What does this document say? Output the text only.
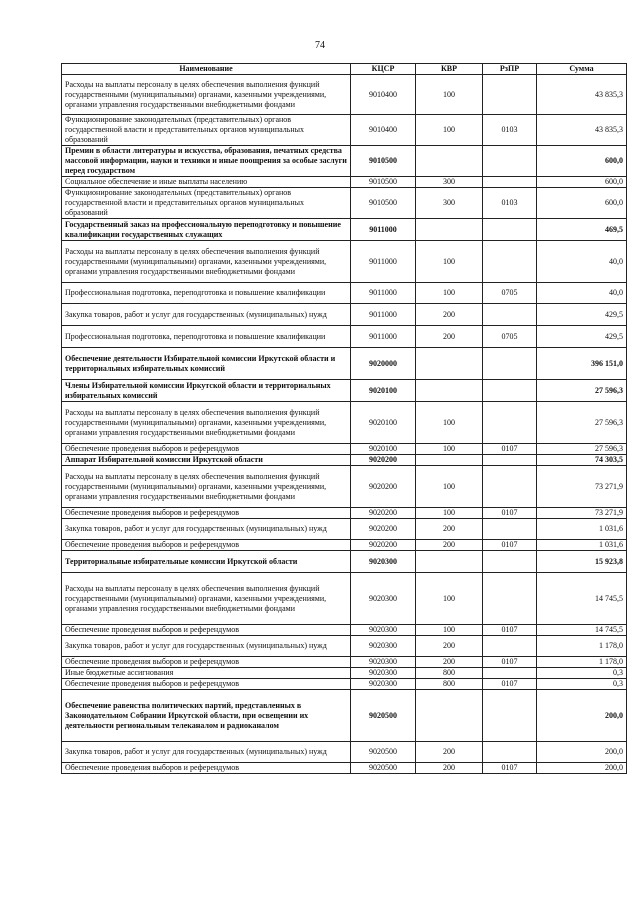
74
Наименование	КЦСР	КВР	РзПР	Сумма
Расходы на выплаты персоналу в целях обеспечения выполнения функций государственными (муниципальными) органами, казенными учреждениями, органами управления государственными внебюджетными фондами	9010400	100		43 835,3
Функционирование законодательных (представительных) органов государственной власти и представительных органов муниципальных образований	9010400	100	0103	43 835,3
Премии в области литературы и искусства, образования, печатных средства массовой информации, науки и техники и иные поощрения за особые заслуги перед государством	9010500			600,0
Социальное обеспечение и иные выплаты населению	9010500	300		600,0
Функционирование законодательных (представительных) органов государственной власти и представительных органов муниципальных образований	9010500	300	0103	600,0
Государственный заказ на профессиональную переподготовку и повышение квалификации государственных служащих	9011000			469,5
Расходы на выплаты персоналу в целях обеспечения выполнения функций государственными (муниципальными) органами, казенными учреждениями, органами управления государственными внебюджетными фондами	9011000	100		40,0
Профессиональная подготовка, переподготовка и повышение квалификации	9011000	100	0705	40,0
Закупка товаров, работ и услуг для государственных (муниципальных) нужд	9011000	200		429,5
Профессиональная подготовка, переподготовка и повышение квалификации	9011000	200	0705	429,5
Обеспечение деятельности Избирательной комиссии Иркутской области и территориальных избирательных комиссий	9020000			396 151,0
Члены Избирательной комиссии Иркутской области и территориальных избирательных комиссий	9020100			27 596,3
Расходы на выплаты персоналу в целях обеспечения выполнения функций государственными (муниципальными) органами, казенными учреждениями, органами управления государственными внебюджетными фондами	9020100	100		27 596,3
Обеспечение проведения выборов и референдумов	9020100	100	0107	27 596,3
Аппарат Избирательной комиссии Иркутской области	9020200			74 303,5
Расходы на выплаты персоналу в целях обеспечения выполнения функций государственными (муниципальными) органами, казенными учреждениями, органами управления государственными внебюджетными фондами	9020200	100		73 271,9
Обеспечение проведения выборов и референдумов	9020200	100	0107	73 271,9
Закупка товаров, работ и услуг для государственных (муниципальных) нужд	9020200	200		1 031,6
Обеспечение проведения выборов и референдумов	9020200	200	0107	1 031,6
Территориальные избирательные комиссии Иркутской области	9020300			15 923,8
Расходы на выплаты персоналу в целях обеспечения выполнения функций государственными (муниципальными) органами, казенными учреждениями, органами управления государственными внебюджетными фондами	9020300	100		14 745,5
Обеспечение проведения выборов и референдумов	9020300	100	0107	14 745,5
Закупка товаров, работ и услуг для государственных (муниципальных) нужд	9020300	200		1 178,0
Обеспечение проведения выборов и референдумов	9020300	200	0107	1 178,0
Иные бюджетные ассигнования	9020300	800		0,3
Обеспечение проведения выборов и референдумов	9020300	800	0107	0,3
Обеспечение равенства политических партий, представленных в Законодательном Собрании Иркутской области, при освещении их деятельности региональным телеканалом и радиоканалом	9020500			200,0
Закупка товаров, работ и услуг для государственных (муниципальных) нужд	9020500	200		200,0
Обеспечение проведения выборов и референдумов	9020500	200	0107	200,0
